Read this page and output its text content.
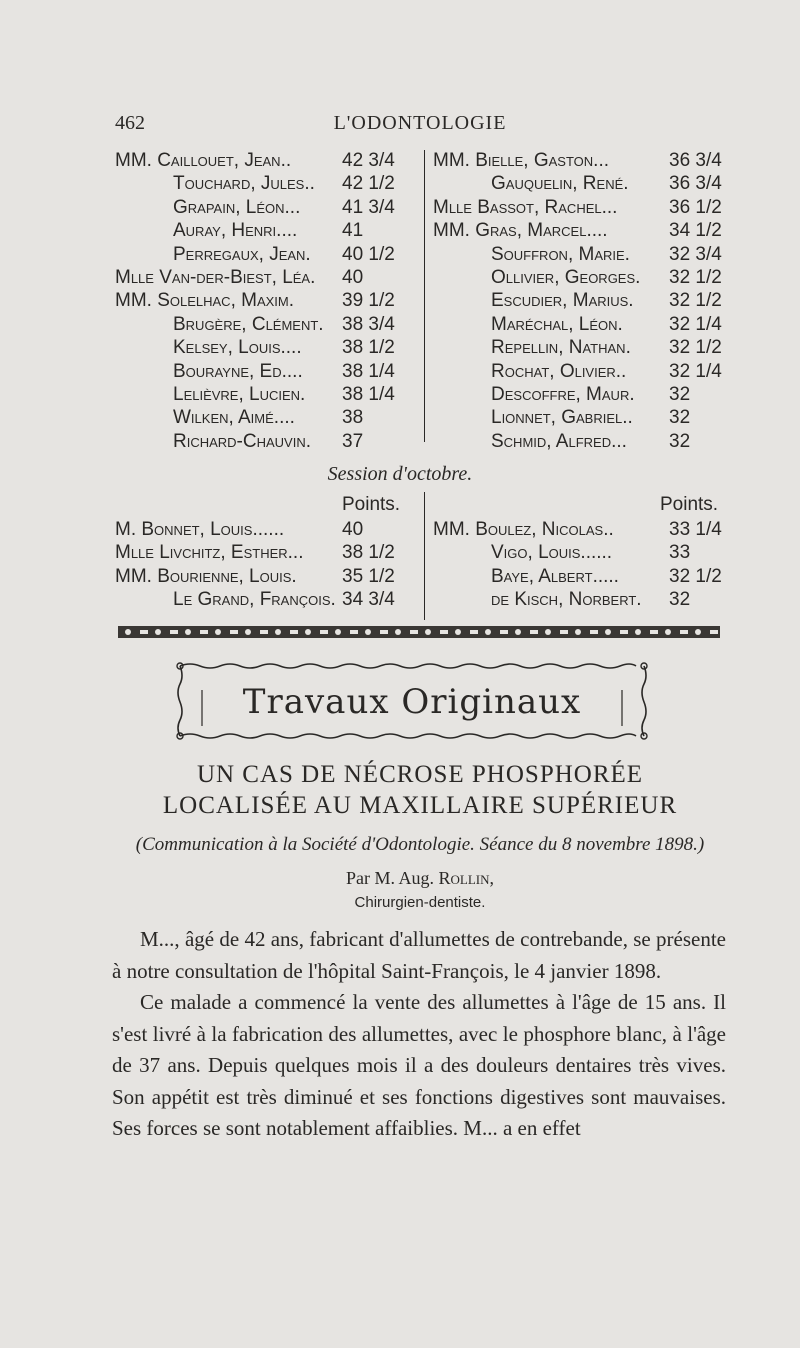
462	L'ODONTOLOGIE
MM. Caillouet, Jean..	42 3/4
Touchard, Jules.. 42 1/2
Grapain, Léon... 41 3/4
Auray, Henri.... 41
Perregaux, Jean. 40 1/2
Mlle Van-der-Biest, Léa. 40
MM. Solelhac, Maxim.	39 1/2
Brugère, Clément. 38 3/4
Kelsey, Louis.... 38 1/2
Bourayne, Ed.... 38 1/4
Lelièvre, Lucien. 38 1/4
Wilken, Aimé.... 38
Richard-Chauvin. 37
MM. Bielle, Gaston...	36 3/4
Gauquelin, René. 36 3/4
Mlle Bassot, Rachel...	36 1/2
MM. Gras, Marcel....	34 1/2
Souffron, Marie. 32 3/4
Ollivier, Georges. 32 1/2
Escudier, Marius. 32 1/2
Maréchal, Léon. 32 1/4
Repellin, Nathan. 32 1/2
Rochat, Olivier.. 32 1/4
Descoffre, Maur. 32
Lionnet, Gabriel.. 32
Schmid, Alfred... 32
Session d'octobre.
Points.	Points.
M. Bonnet, Louis......	40
Mlle Livchitz, Esther... 38 1/2
MM. Bourienne, Louis. 35 1/2
Le Grand, François. 34 3/4
MM. Boulez, Nicolas..	33 1/4
Vigo, Louis......	33
Baye, Albert.....	32 1/2
de Kisch, Norbert. 32
Travaux Originaux
UN CAS DE NÉCROSE PHOSPHORÉE
LOCALISÉE AU MAXILLAIRE SUPÉRIEUR
(Communication à la Société d'Odontologie. Séance du 8 novembre 1898.)
Par M. Aug. Rollin,
Chirurgien-dentiste.

M..., âgé de 42 ans, fabricant d'allumettes de contrebande, se présente à notre consultation de l'hôpital Saint-François, le 4 janvier 1898.

Ce malade a commencé la vente des allumettes à l'âge de 15 ans. Il s'est livré à la fabrication des allumettes, avec le phosphore blanc, à l'âge de 37 ans. Depuis quelques mois il a des douleurs dentaires très vives. Son appétit est très diminué et ses fonctions digestives sont mauvaises. Ses forces se sont notablement affaiblies. M... a en effet
